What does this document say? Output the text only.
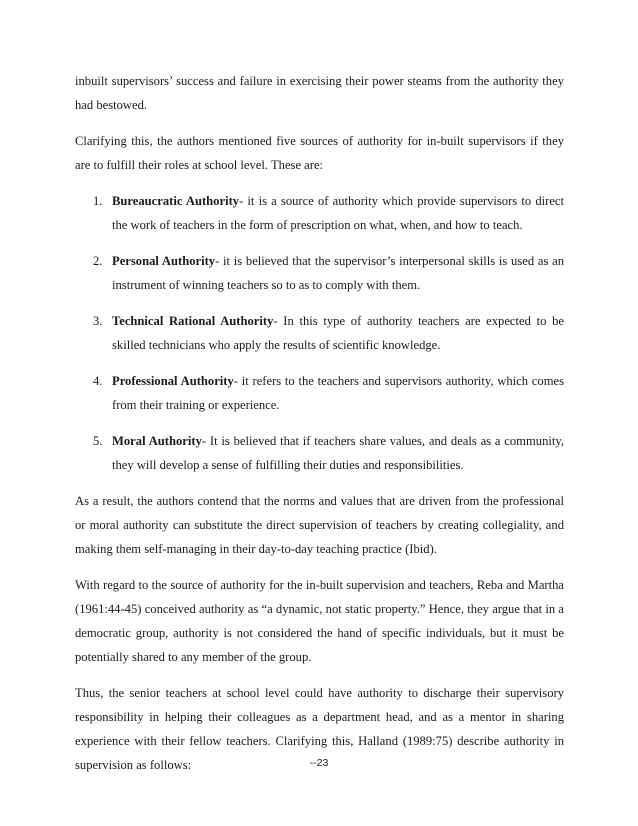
inbuilt supervisors’ success and failure in exercising their power steams from the authority they had bestowed.

Clarifying this, the authors mentioned five sources of authority for in-built supervisors if they are to fulfill their roles at school level. These are:

1. Bureaucratic Authority- it is a source of authority which provide supervisors to direct the work of teachers in the form of prescription on what, when, and how to teach.
2. Personal Authority- it is believed that the supervisor’s interpersonal skills is used as an instrument of winning teachers so to as to comply with them.
3. Technical Rational Authority- In this type of authority teachers are expected to be skilled technicians who apply the results of scientific knowledge.
4. Professional Authority- it refers to the teachers and supervisors authority, which comes from their training or experience.
5. Moral Authority- It is believed that if teachers share values, and deals as a community, they will develop a sense of fulfilling their duties and responsibilities.

As a result, the authors contend that the norms and values that are driven from the professional or moral authority can substitute the direct supervision of teachers by creating collegiality, and making them self-managing in their day-to-day teaching practice (Ibid).

With regard to the source of authority for the in-built supervision and teachers, Reba and Martha (1961:44-45) conceived authority as “a dynamic, not static property.” Hence, they argue that in a democratic group, authority is not considered the hand of specific individuals, but it must be potentially shared to any member of the group.

Thus, the senior teachers at school level could have authority to discharge their supervisory responsibility in helping their colleagues as a department head, and as a mentor in sharing experience with their fellow teachers. Clarifying this, Halland (1989:75) describe authority in supervision as follows:	--23
